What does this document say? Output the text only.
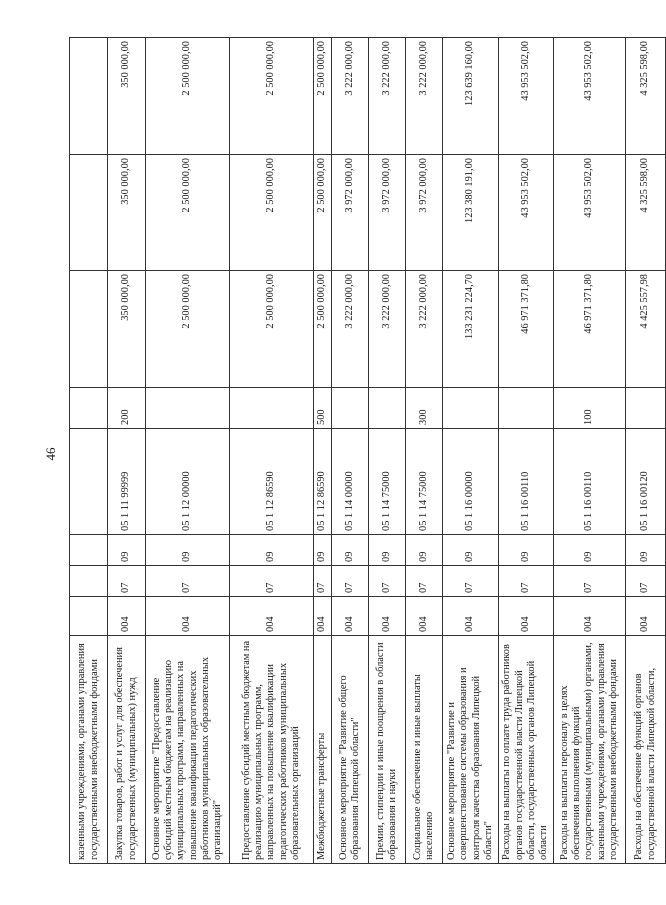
46
казенными учреждениями, органами управления государственными внебюджетными фондами								
Закупка товаров, работ и услуг для обеспечения государственных (муниципальных) нужд	004	07	09	05 1 11 99999	200	350 000,00	350 000,00	350 000,00
Основное мероприятие "Предоставление субсидий местным бюджетам на реализацию муниципальных программ, направленных на повышение квалификации педагогических работников муниципальных образовательных организаций"	004	07	09	05 1 12 00000		2 500 000,00	2 500 000,00	2 500 000,00
Предоставление субсидий местным бюджетам на реализацию муниципальных программ, направленных на повышение квалификации педагогических работников муниципальных образовательных организаций	004	07	09	05 1 12 86590		2 500 000,00	2 500 000,00	2 500 000,00
Межбюджетные трансферты	004	07	09	05 1 12 86590	500	2 500 000,00	2 500 000,00	2 500 000,00
Основное мероприятие "Развитие общего образования Липецкой области"	004	07	09	05 1 14 00000		3 222 000,00	3 972 000,00	3 222 000,00
Премии, стипендии и иные поощрения в области образования и науки	004	07	09	05 1 14 75000		3 222 000,00	3 972 000,00	3 222 000,00
Социальное обеспечение и иные выплаты населению	004	07	09	05 1 14 75000	300	3 222 000,00	3 972 000,00	3 222 000,00
Основное мероприятие "Развитие и совершенствование системы образования и контроля качества образования Липецкой области"	004	07	09	05 1 16 00000		133 231 224,70	123 380 191,00	123 639 160,00
Расходы на выплаты по оплате труда работников органов государственной власти Липецкой области, государственных органов Липецкой области	004	07	09	05 1 16 00110		46 971 371,80	43 953 502,00	43 953 502,00
Расходы на выплаты персоналу в целях обеспечения выполнения функций государственными (муниципальными) органами, казенными учреждениями, органами управления государственными внебюджетными фондами	004	07	09	05 1 16 00110	100	46 971 371,80	43 953 502,00	43 953 502,00
Расходы на обеспечение функций органов государственной власти Липецкой области,	004	07	09	05 1 16 00120		4 425 557,98	4 325 598,00	4 325 598,00
